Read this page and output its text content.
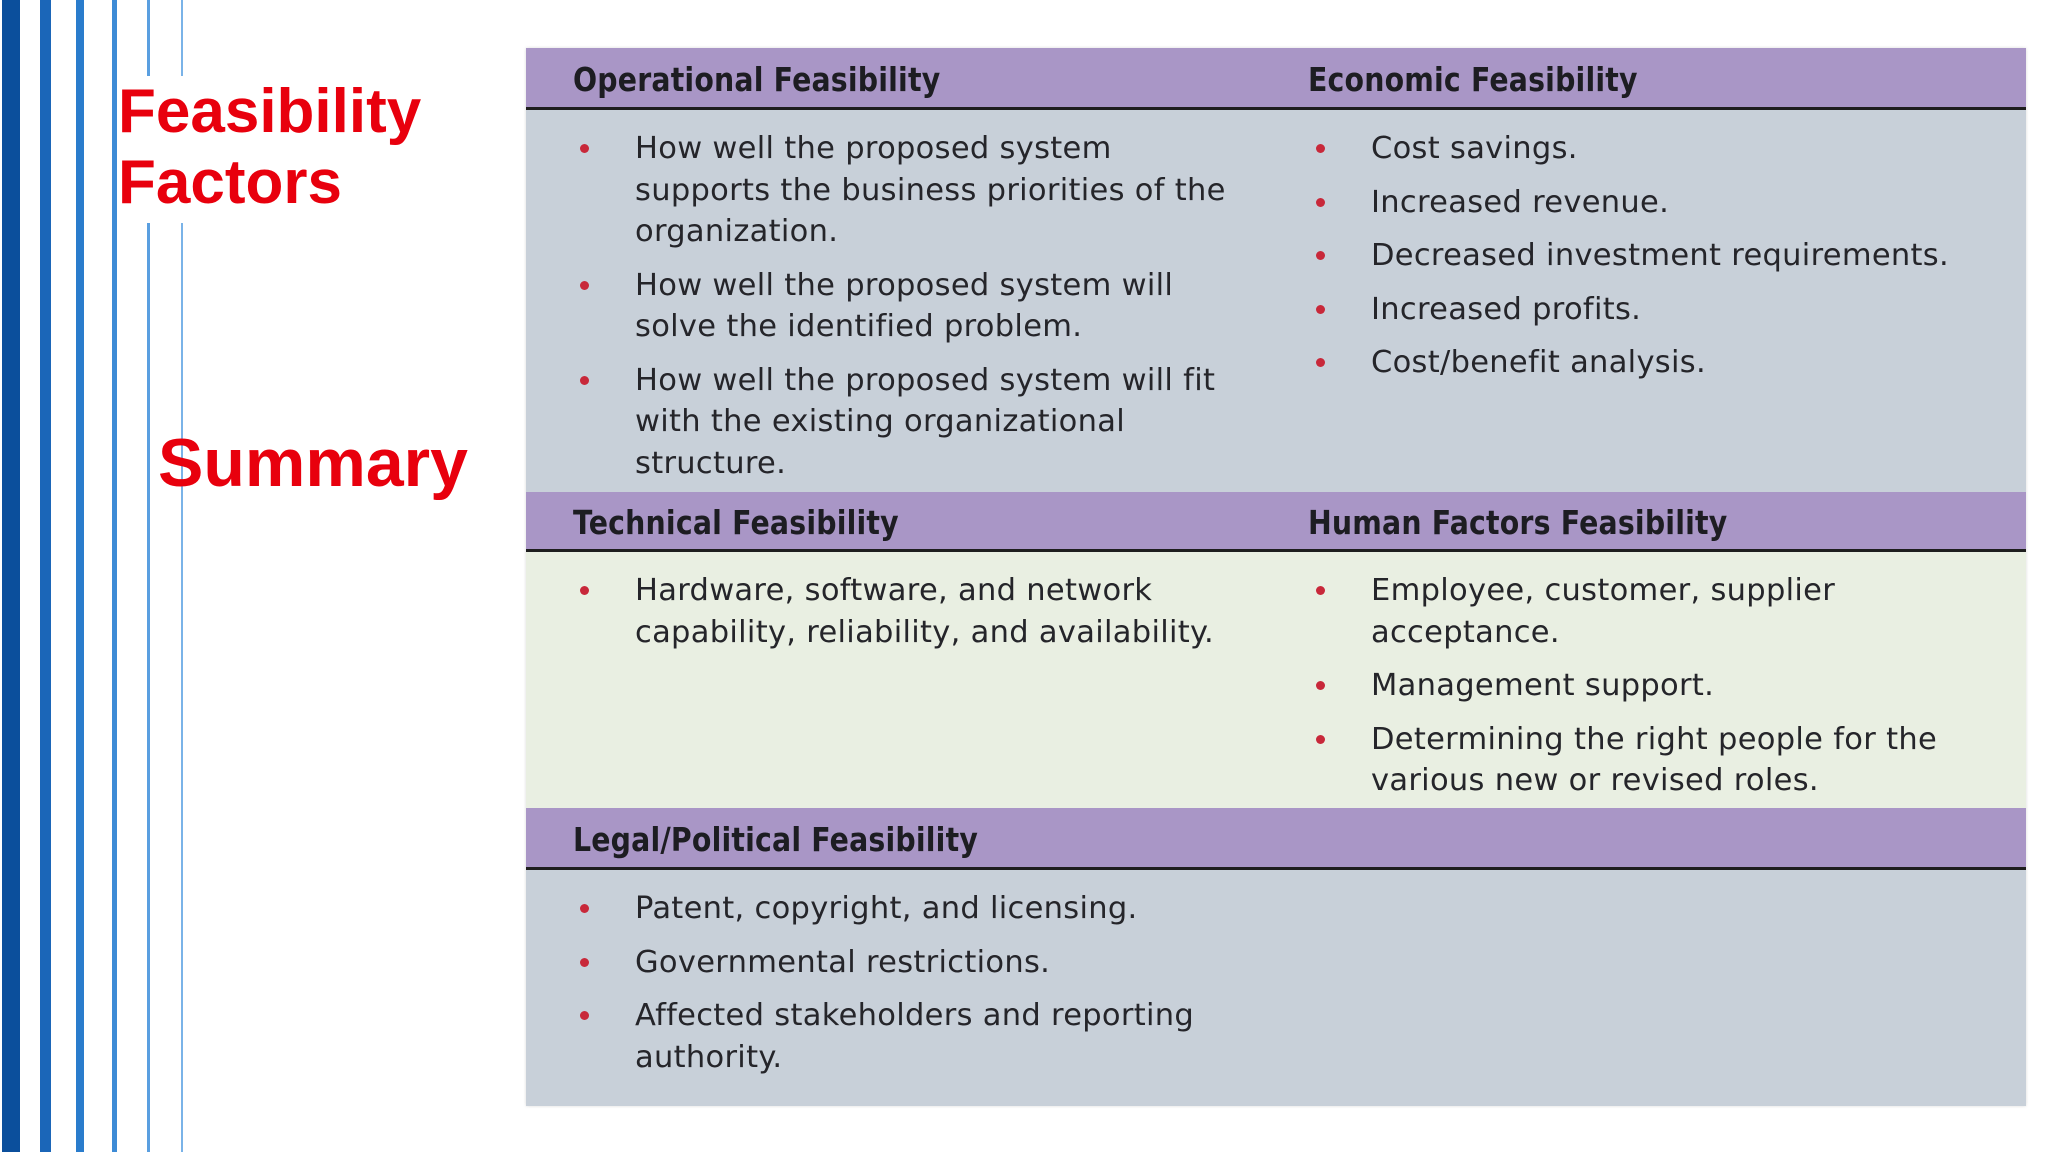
Feasibility Factors
Summary
Operational Feasibility	Economic Feasibility
How well the proposed system supports the business priorities of the organization.
How well the proposed system will solve the identified problem.
How well the proposed system will fit with the existing organizational structure.
Cost savings.
Increased revenue.
Decreased investment requirements.
Increased profits.
Cost/benefit analysis.
Technical Feasibility	Human Factors Feasibility
Hardware, software, and network capability, reliability, and availability.
Employee, customer, supplier acceptance.
Management support.
Determining the right people for the various new or revised roles.
Legal/Political Feasibility
Patent, copyright, and licensing.
Governmental restrictions.
Affected stakeholders and reporting authority.
